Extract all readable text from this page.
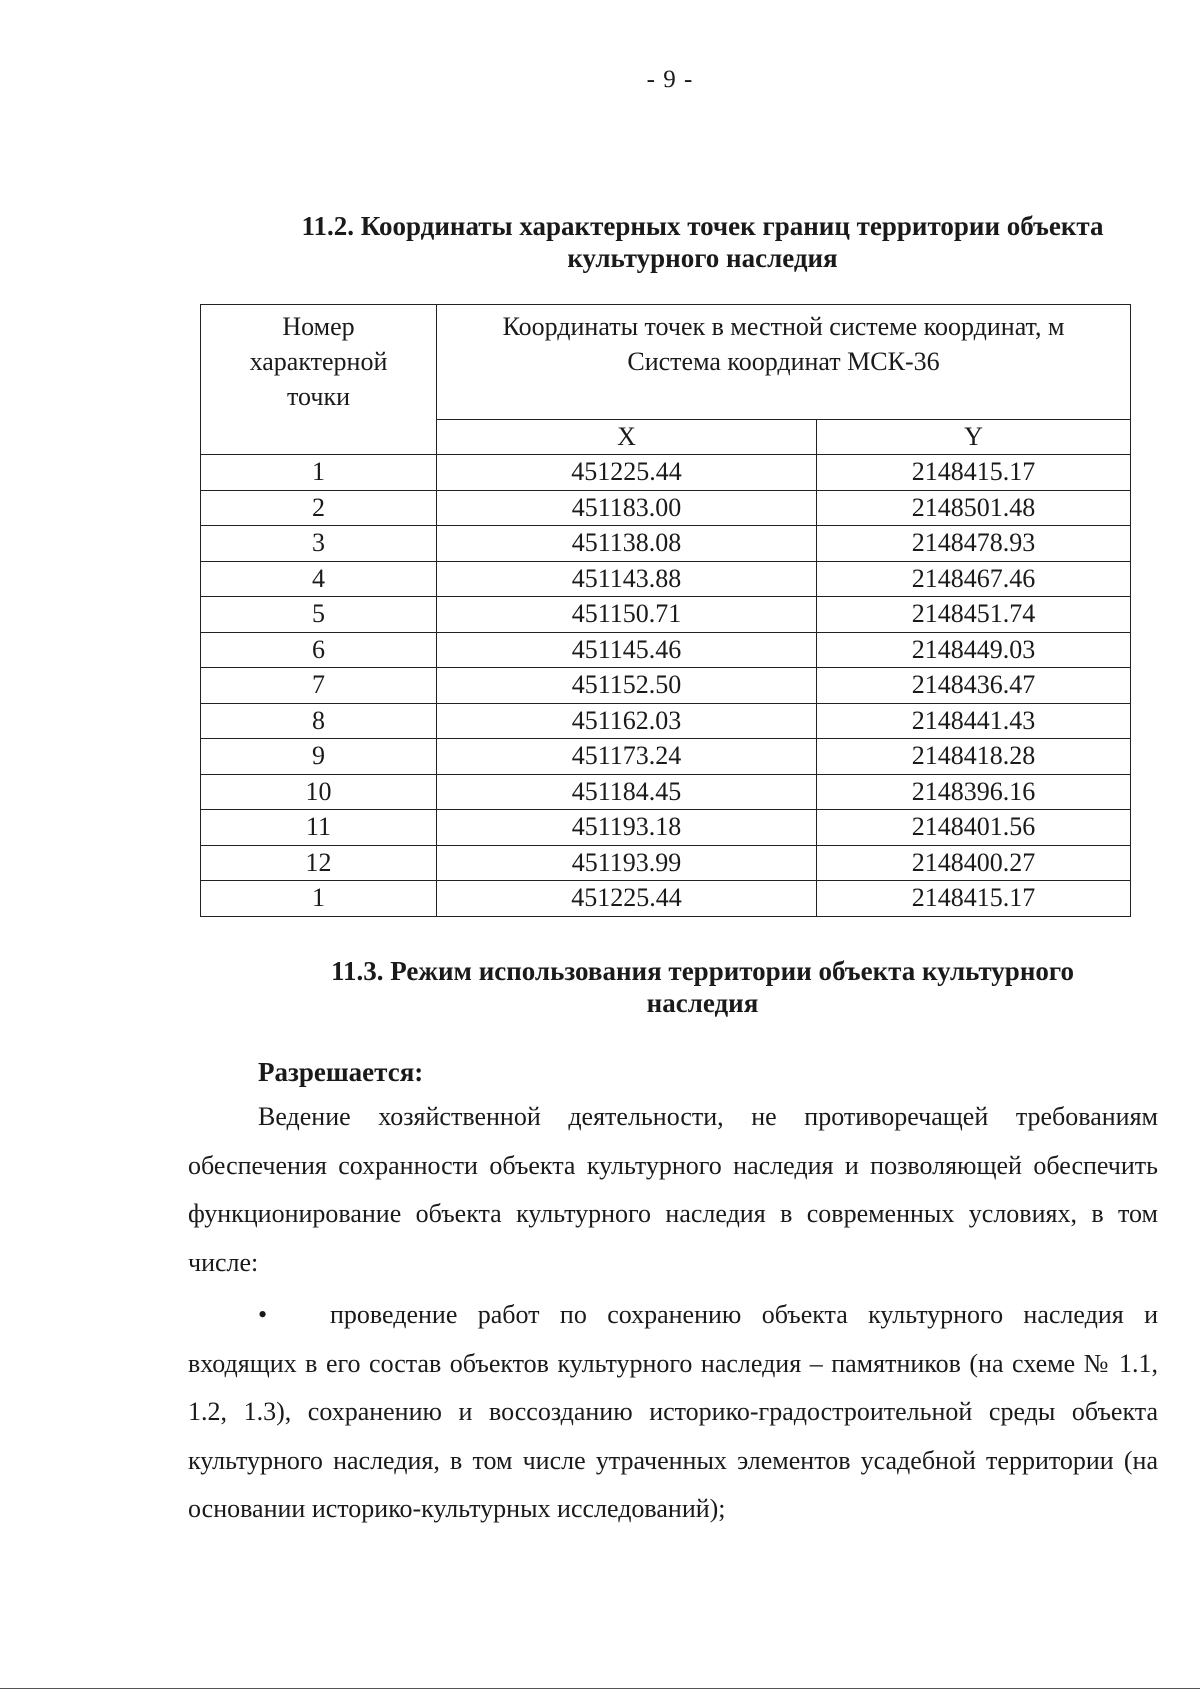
- 9 -
11.2. Координаты характерных точек границ территории объекта культурного наследия
Номер характерной точки	Координаты точек в местной системе координат, м
Система координат МСК-36	

	X	Y
1	451225.44	2148415.17
2	451183.00	2148501.48
3	451138.08	2148478.93
4	451143.88	2148467.46
5	451150.71	2148451.74
6	451145.46	2148449.03
7	451152.50	2148436.47
8	451162.03	2148441.43
9	451173.24	2148418.28
10	451184.45	2148396.16
11	451193.18	2148401.56
12	451193.99	2148400.27
1	451225.44	2148415.17
11.3. Режим использования территории объекта культурного наследия
Разрешается:

Ведение хозяйственной деятельности, не противоречащей требованиям обеспечения сохранности объекта культурного наследия и позволяющей обеспечить функционирование объекта культурного наследия в современных условиях, в том числе:

• проведение работ по сохранению объекта культурного наследия и входящих в его состав объектов культурного наследия – памятников (на схеме № 1.1, 1.2, 1.3), сохранению и воссозданию историко-градостроительной среды объекта культурного наследия, в том числе утраченных элементов усадебной территории (на основании историко-культурных исследований);
